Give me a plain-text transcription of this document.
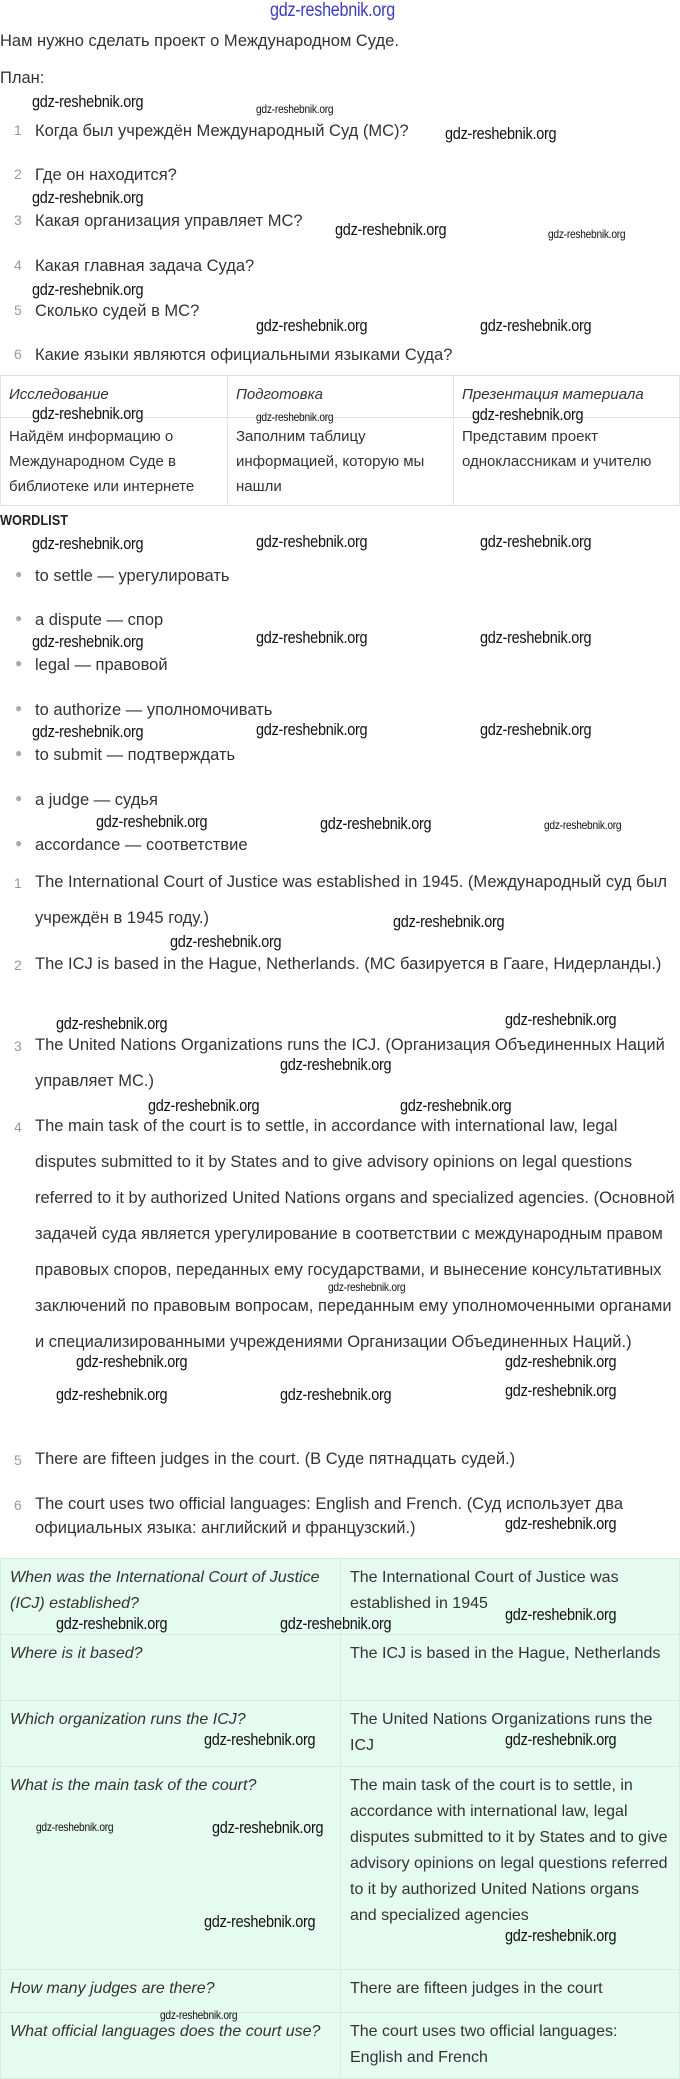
gdz-reshebnik.org
Нам нужно сделать проект о Международном Суде.
План:
1 Когда был учреждён Международный Суд (МС)?
2 Где он находится?
3 Какая организация управляет МС?
4 Какая главная задача Суда?
5 Сколько судей в МС?
6 Какие языки являются официальными языками Суда?
Исследование	Подготовка	Презентация материала
Найдём информацию о Международном Суде в библиотеке или интернете	Заполним таблицу информацией, которую мы нашли	Представим проект одноклассникам и учителю
WORDLIST
● to settle — урегулировать
● a dispute — спор
● legal — правовой
● to authorize — уполномочивать
● to submit — подтверждать
● a judge — судья
● accordance — соответствие
1 The International Court of Justice was established in 1945. (Международный суд был учреждён в 1945 году.)
2 The ICJ is based in the Hague, Netherlands. (МС базируется в Гааге, Нидерланды.)
3 The United Nations Organizations runs the ICJ. (Организация Объединенных Наций управляет МС.)
4 The main task of the court is to settle, in accordance with international law, legal disputes submitted to it by States and to give advisory opinions on legal questions referred to it by authorized United Nations organs and specialized agencies. (Основной задачей суда является урегулирование в соответствии с международным правом правовых споров, переданных ему государствами, и вынесение консультативных заключений по правовым вопросам, переданным ему уполномоченными органами и специализированными учреждениями Организации Объединенных Наций.)
5 There are fifteen judges in the court. (В Суде пятнадцать судей.)
6 The court uses two official languages: English and French. (Суд использует два официальных языка: английский и французский.)
When was the International Court of Justice (ICJ) established?	The International Court of Justice was established in 1945
Where is it based?	The ICJ is based in the Hague, Netherlands
Which organization runs the ICJ?	The United Nations Organizations runs the ICJ
What is the main task of the court?	The main task of the court is to settle, in accordance with international law, legal disputes submitted to it by States and to give advisory opinions on legal questions referred to it by authorized United Nations organs and specialized agencies
How many judges are there?	There are fifteen judges in the court
What official languages does the court use?	The court uses two official languages: English and French
gdz-reshebnik.org	gdz-reshebnik.org
gdz-reshebnik.org
gdz-reshebnik.org
gdz-reshebnik.org	gdz-reshebnik.org
gdz-reshebnik.org
gdz-reshebnik.org	gdz-reshebnik.org
gdz-reshebnik.org	gdz-reshebnik.org	gdz-reshebnik.org
gdz-reshebnik.org	gdz-reshebnik.org	gdz-reshebnik.org
gdz-reshebnik.org	gdz-reshebnik.org	gdz-reshebnik.org
gdz-reshebnik.org	gdz-reshebnik.org	gdz-reshebnik.org
gdz-reshebnik.org	gdz-reshebnik.org	gdz-reshebnik.org
gdz-reshebnik.org
gdz-reshebnik.org
gdz-reshebnik.org
gdz-reshebnik.org
gdz-reshebnik.org
gdz-reshebnik.org	gdz-reshebnik.org
gdz-reshebnik.org
gdz-reshebnik.org
gdz-reshebnik.org
gdz-reshebnik.org	gdz-reshebnik.org	gdz-reshebnik.org
gdz-reshebnik.org
gdz-reshebnik.org	gdz-reshebnik.org	gdz-reshebnik.org
gdz-reshebnik.org	gdz-reshebnik.org
gdz-reshebnik.org	gdz-reshebnik.org
gdz-reshebnik.org
gdz-reshebnik.org
gdz-reshebnik.org
